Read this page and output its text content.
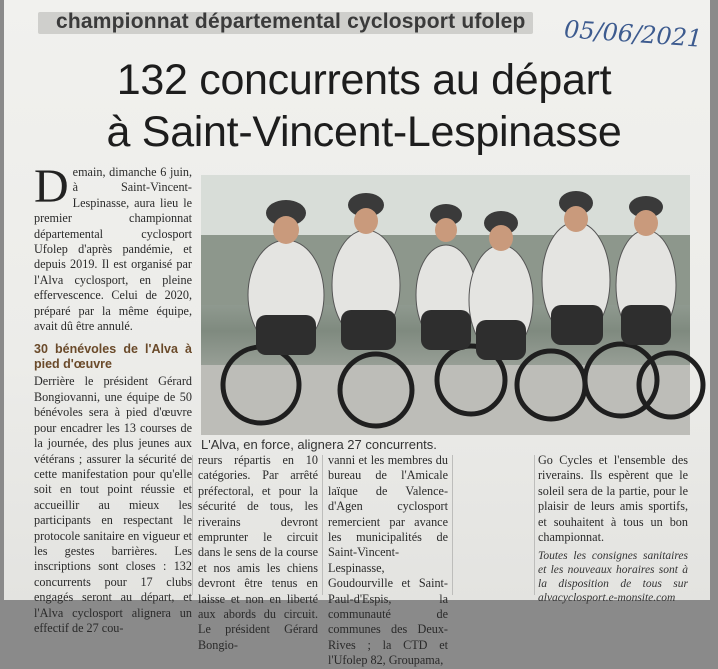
championnat départemental cyclosport ufolep 05/06/2021
132 concurrents au départ
à Saint-Vincent-Lespinasse
Demain, dimanche 6 juin, à Saint-Vincent-Lespinasse, aura lieu le premier championnat départemental cyclosport Ufolep d'après pandémie, et depuis 2019. Il est organisé par l'Alva cyclosport, en pleine effervescence. Celui de 2020, préparé par la même équipe, avait dû être annulé.
30 bénévoles de l'Alva à pied d'œuvre
Derrière le président Gérard Bongiovanni, une équipe de 50 bénévoles sera à pied d'œuvre pour encadrer les 13 courses de la journée, des plus jeunes aux vétérans ; assurer la sécurité de cette manifestation pour qu'elle soit en tout point réussie et accueillir au mieux les participants en respectant le protocole sanitaire en vigueur et les gestes barrières. Les inscriptions sont closes : 132 concurrents pour 17 clubs engagés seront au départ, et l'Alva cyclosport alignera un effectif de 27 cou-
L'Alva, en force, alignera 27 concurrents.
reurs répartis en 10 catégories. Par arrêté préfectoral, et pour la sécurité de tous, les riverains devront emprunter le circuit dans le sens de la course et nos amis les chiens devront être tenus en laisse et non en liberté aux abords du circuit. Le président Gérard Bongio-
vanni et les membres du bureau de l'Amicale laïque de Valence-d'Agen cyclosport remercient par avance les municipalités de Saint-Vincent-Lespinasse, Goudourville et Saint-Paul-d'Espis, la communauté de communes des Deux-Rives ; la CTD et l'Ufolep 82, Groupama,
Go Cycles et l'ensemble des riverains. Ils espèrent que le soleil sera de la partie, pour le plaisir de leurs amis sportifs, et souhaitent à tous un bon championnat.
Toutes les consignes sanitaires et les nouveaux horaires sont à la disposition de tous sur alvacyclosport.e-monsite.com
